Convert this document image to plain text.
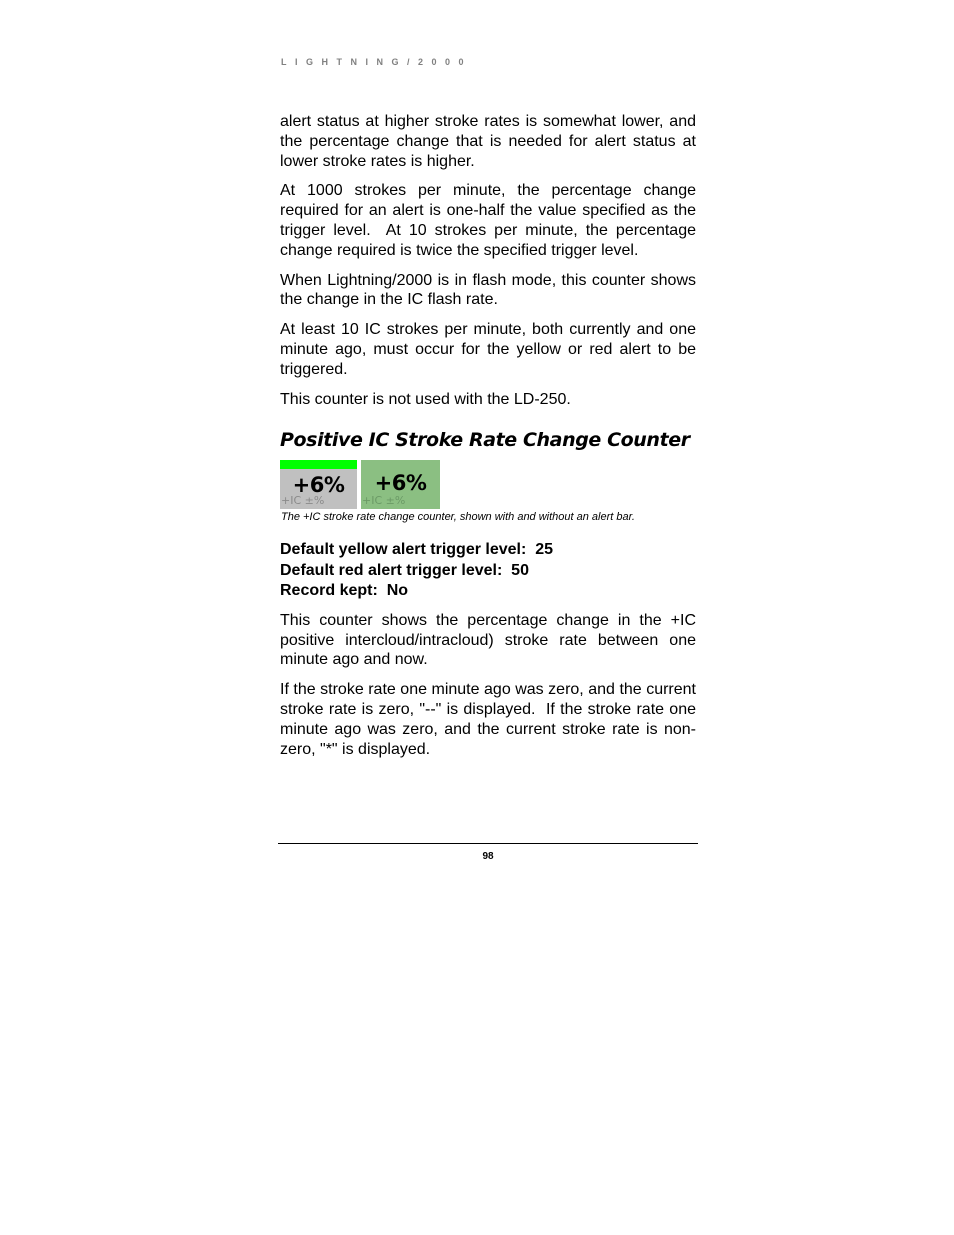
LIGHTNING/2000

alert status at higher stroke rates is somewhat lower, and the percentage change that is needed for alert status at lower stroke rates is higher.

At 1000 strokes per minute, the percentage change required for an alert is one-half the value specified as the trigger level.  At 10 strokes per minute, the percentage change required is twice the specified trigger level.

When Lightning/2000 is in flash mode, this counter shows the change in the IC flash rate.

At least 10 IC strokes per minute, both currently and one minute ago, must occur for the yellow or red alert to be triggered.

This counter is not used with the LD-250.

Positive IC Stroke Rate Change Counter
+6%
+IC ±%
+6%
+IC ±%

The +IC stroke rate change counter, shown with and without an alert bar.

Default yellow alert trigger level:  25

Default red alert trigger level:  50

Record kept:  No

This counter shows the percentage change in the +IC positive intercloud/intracloud) stroke rate between one minute ago and now.

If the stroke rate one minute ago was zero, and the current stroke rate is zero, "--" is displayed.  If the stroke rate one minute ago was zero, and the current stroke rate is non-zero, "*" is displayed.

98
